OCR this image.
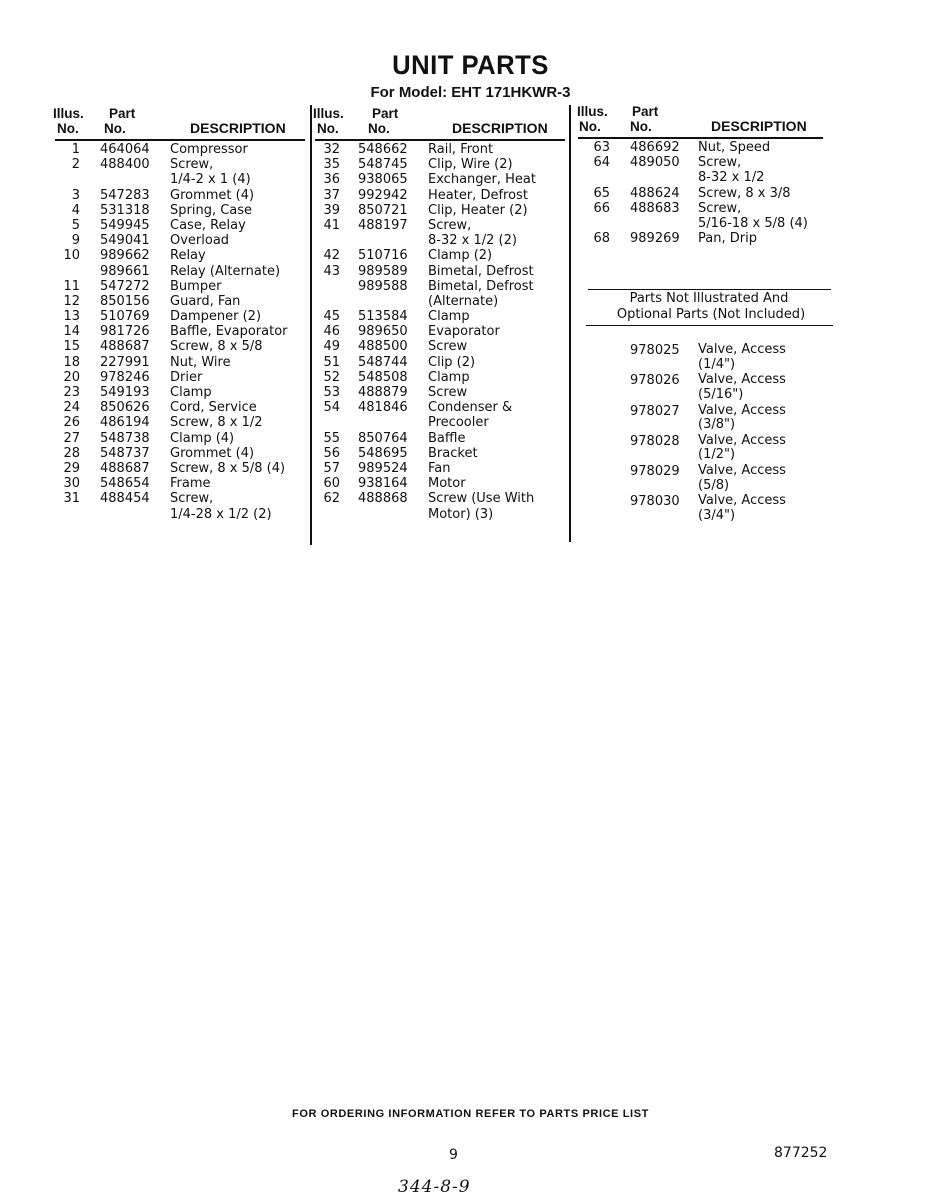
UNIT PARTS
For Model: EHT 171HKWR-3
Illus.
No.
Part
No.	DESCRIPTION
Illus.
No.
Part
No.	DESCRIPTION
Illus.
No.
Part
No.	DESCRIPTION
1 464064 Compressor
2 488400 Screw,
1/4-2 x 1 (4)
3 547283 Grommet (4)
4 531318 Spring, Case
5 549945 Case, Relay
9 549041 Overload
10 989662 Relay
989661 Relay (Alternate)
11 547272 Bumper
12 850156 Guard, Fan
13 510769 Dampener (2)
14 981726 Baffle, Evaporator
15 488687 Screw, 8 x 5/8
18 227991 Nut, Wire
20 978246 Drier
23 549193 Clamp
24 850626 Cord, Service
26 486194 Screw, 8 x 1/2
27 548738 Clamp (4)
28 548737 Grommet (4)
29 488687 Screw, 8 x 5/8 (4)
30 548654 Frame
31 488454 Screw,
1/4-28 x 1/2 (2)
32 548662 Rail, Front
35 548745 Clip, Wire (2)
36 938065 Exchanger, Heat
37 992942 Heater, Defrost
39 850721 Clip, Heater (2)
41 488197 Screw,
8-32 x 1/2 (2)
42 510716 Clamp (2)
43 989589 Bimetal, Defrost
989588 Bimetal, Defrost
(Alternate)
45 513584 Clamp
46 989650 Evaporator
49 488500 Screw
51 548744 Clip (2)
52 548508 Clamp
53 488879 Screw
54 481846 Condenser &
Precooler
55 850764 Baffle
56 548695 Bracket
57 989524 Fan
60 938164 Motor
62 488868 Screw (Use With
Motor) (3)
63 486692 Nut, Speed
64 489050 Screw,
8-32 x 1/2
65 488624 Screw, 8 x 3/8
66 488683 Screw,
5/16-18 x 5/8 (4)
68 989269 Pan, Drip
Parts Not Illustrated And
Optional Parts (Not Included)
978025 Valve, Access
(1/4")
978026 Valve, Access
(5/16")
978027 Valve, Access
(3/8")
978028 Valve, Access
(1/2")
978029 Valve, Access
(5/8)
978030 Valve, Access
(3/4")
FOR ORDERING INFORMATION REFER TO PARTS PRICE LIST
9	877252
344-8-9
